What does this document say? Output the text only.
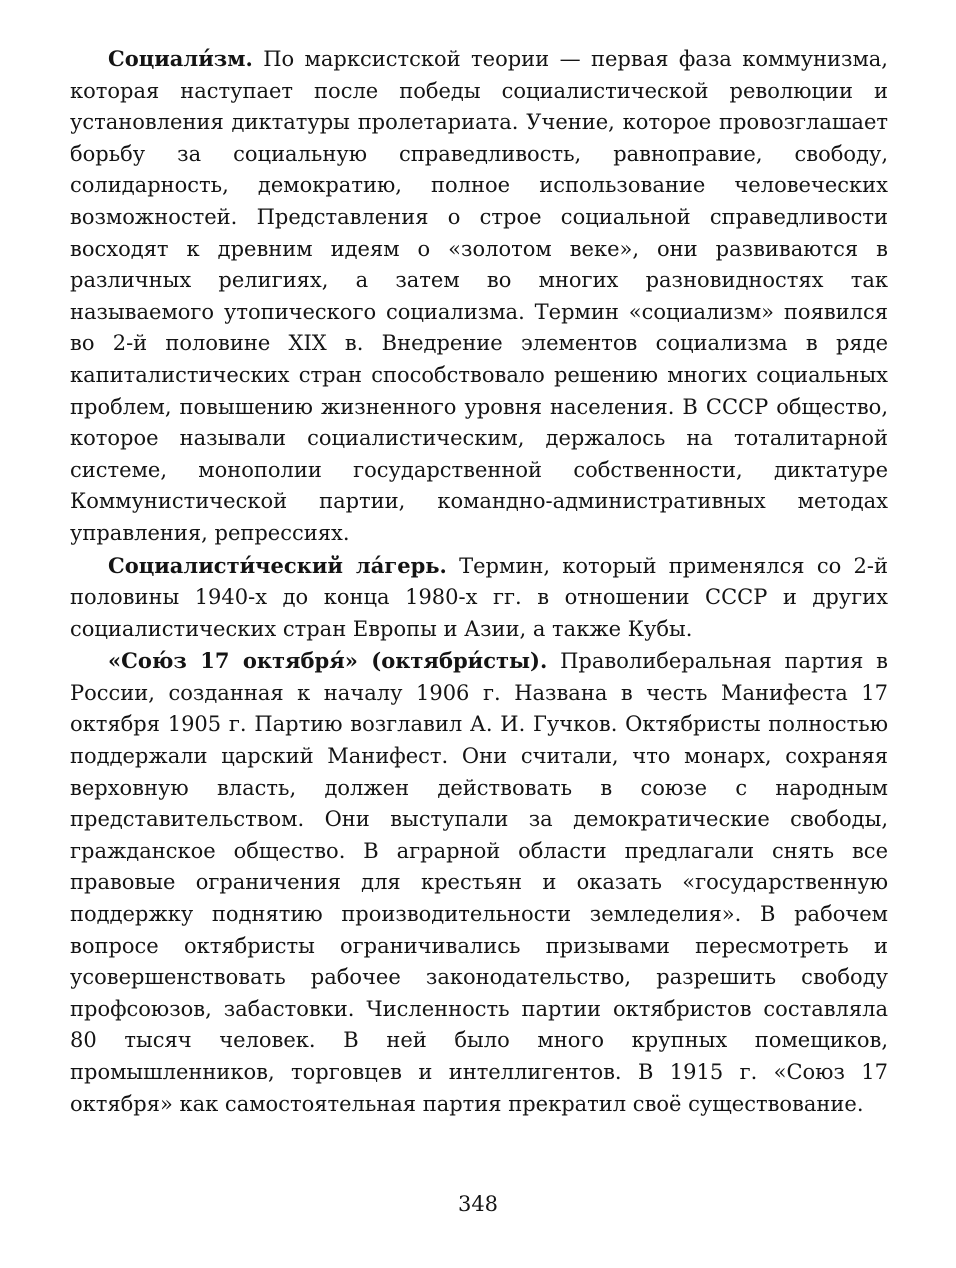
Социали́зм. По марксистской теории — первая фаза коммунизма, которая наступает после победы социалистической революции и установления диктатуры пролетариата. Учение, которое провозглашает борьбу за социальную справедливость, равноправие, свободу, солидарность, демократию, полное использование человеческих возможностей. Представления о строе социальной справедливости восходят к древним идеям о «золотом веке», они развиваются в различных религиях, а затем во многих разновидностях так называемого утопического социализма. Термин «социализм» появился во 2-й половине XIX в. Внедрение элементов социализма в ряде капиталистических стран способствовало решению многих социальных проблем, повышению жизненного уровня населения. В СССР общество, которое называли социалистическим, держалось на тоталитарной системе, монополии государственной собственности, диктатуре Коммунистической партии, командно-административных методах управления, репрессиях.

Социалисти́ческий ла́герь. Термин, который применялся со 2-й половины 1940-х до конца 1980-х гг. в отношении СССР и других социалистических стран Европы и Азии, а также Кубы.

«Сою́з 17 октября́» (октябри́сты). Праволиберальная партия в России, созданная к началу 1906 г. Названа в честь Манифеста 17 октября 1905 г. Партию возглавил А. И. Гучков. Октябристы полностью поддержали царский Манифест. Они считали, что монарх, сохраняя верховную власть, должен действовать в союзе с народным представительством. Они выступали за демократические свободы, гражданское общество. В аграрной области предлагали снять все правовые ограничения для крестьян и оказать «государственную поддержку поднятию производительности земледелия». В рабочем вопросе октябристы ограничивались призывами пересмотреть и усовершенствовать рабочее законодательство, разрешить свободу профсоюзов, забастовки. Численность партии октябристов составляла 80 тысяч человек. В ней было много крупных помещиков, промышленников, торговцев и интеллигентов. В 1915 г. «Союз 17 октября» как самостоятельная партия прекратил своё существование.

348
